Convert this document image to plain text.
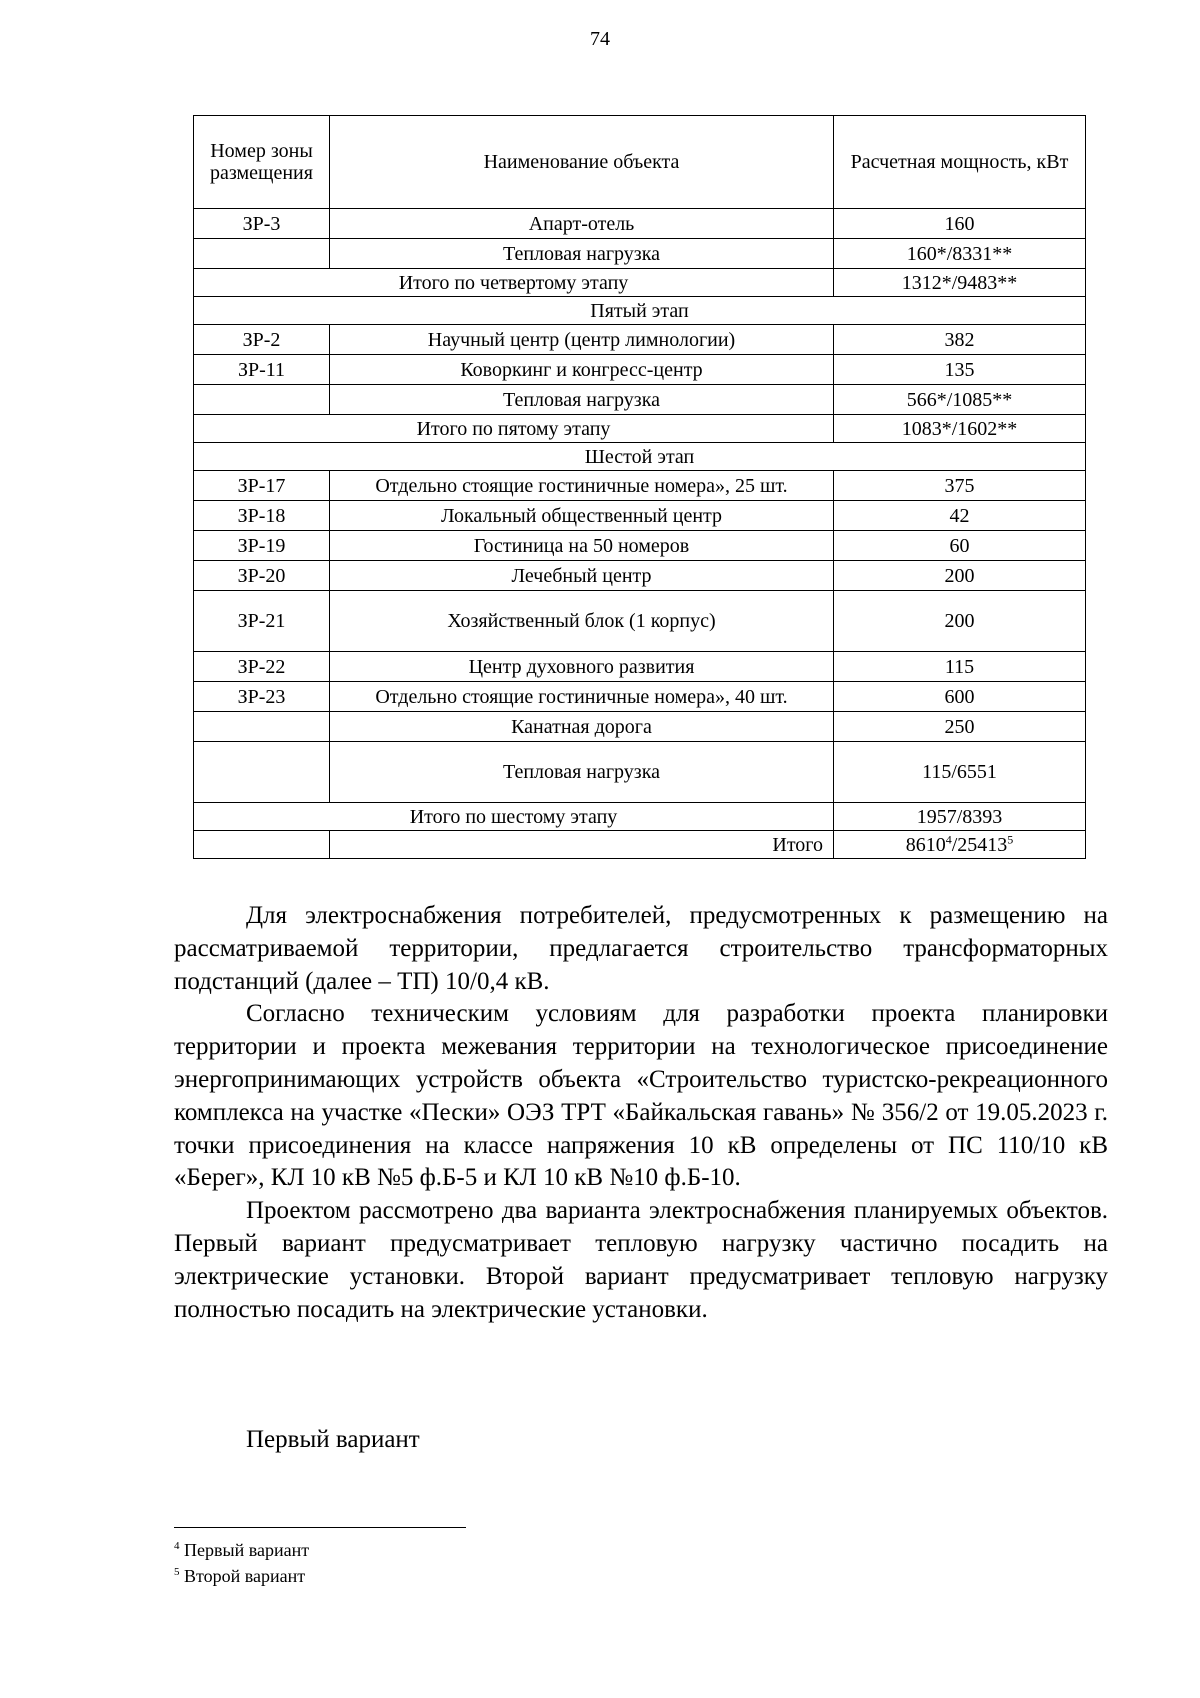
74
Номер зоны размещения	Наименование объекта	Расчетная мощность, кВт
ЗР-3	Апарт-отель	160
	Тепловая нагрузка	160*/8331**
Итого по четвертому этапу		1312*/9483**
Пятый этап		
ЗР-2	Научный центр (центр лимнологии)	382
ЗР-11	Коворкинг и конгресс-центр	135
	Тепловая нагрузка	566*/1085**
Итого по пятому этапу		1083*/1602**
Шестой этап		
ЗР-17	Отдельно стоящие гостиничные номера», 25 шт.	375
ЗР-18	Локальный общественный центр	42
ЗР-19	Гостиница на 50 номеров	60
ЗР-20	Лечебный центр	200
ЗР-21	Хозяйственный блок (1 корпус)	200
ЗР-22	Центр духовного развития	115
ЗР-23	Отдельно стоящие гостиничные номера», 40 шт.	600
	Канатная дорога	250
	Тепловая нагрузка	115/6551
Итого по шестому этапу		1957/8393
	Итого	8610$^4$/25413$^5$

Для электроснабжения потребителей, предусмотренных к размещению на рассматриваемой территории, предлагается строительство трансформаторных подстанций (далее – ТП) 10/0,4 кВ.

Согласно техническим условиям для разработки проекта планировки территории и проекта межевания территории на технологическое присоединение энергопринимающих устройств объекта «Строительство туристско-рекреационного комплекса на участке «Пески» ОЭЗ ТРТ «Байкальская гавань» № 356/2 от 19.05.2023 г. точки присоединения на классе напряжения 10 кВ определены от ПС 110/10 кВ «Берег», КЛ 10 кВ №5 ф.Б-5 и КЛ 10 кВ №10 ф.Б-10.

Проектом рассмотрено два варианта электроснабжения планируемых объектов. Первый вариант предусматривает тепловую нагрузку частично посадить на электрические установки. Второй вариант предусматривает тепловую нагрузку полностью посадить на электрические установки.

Первый вариант
$^4$ Первый вариант
$^5$ Второй вариант
